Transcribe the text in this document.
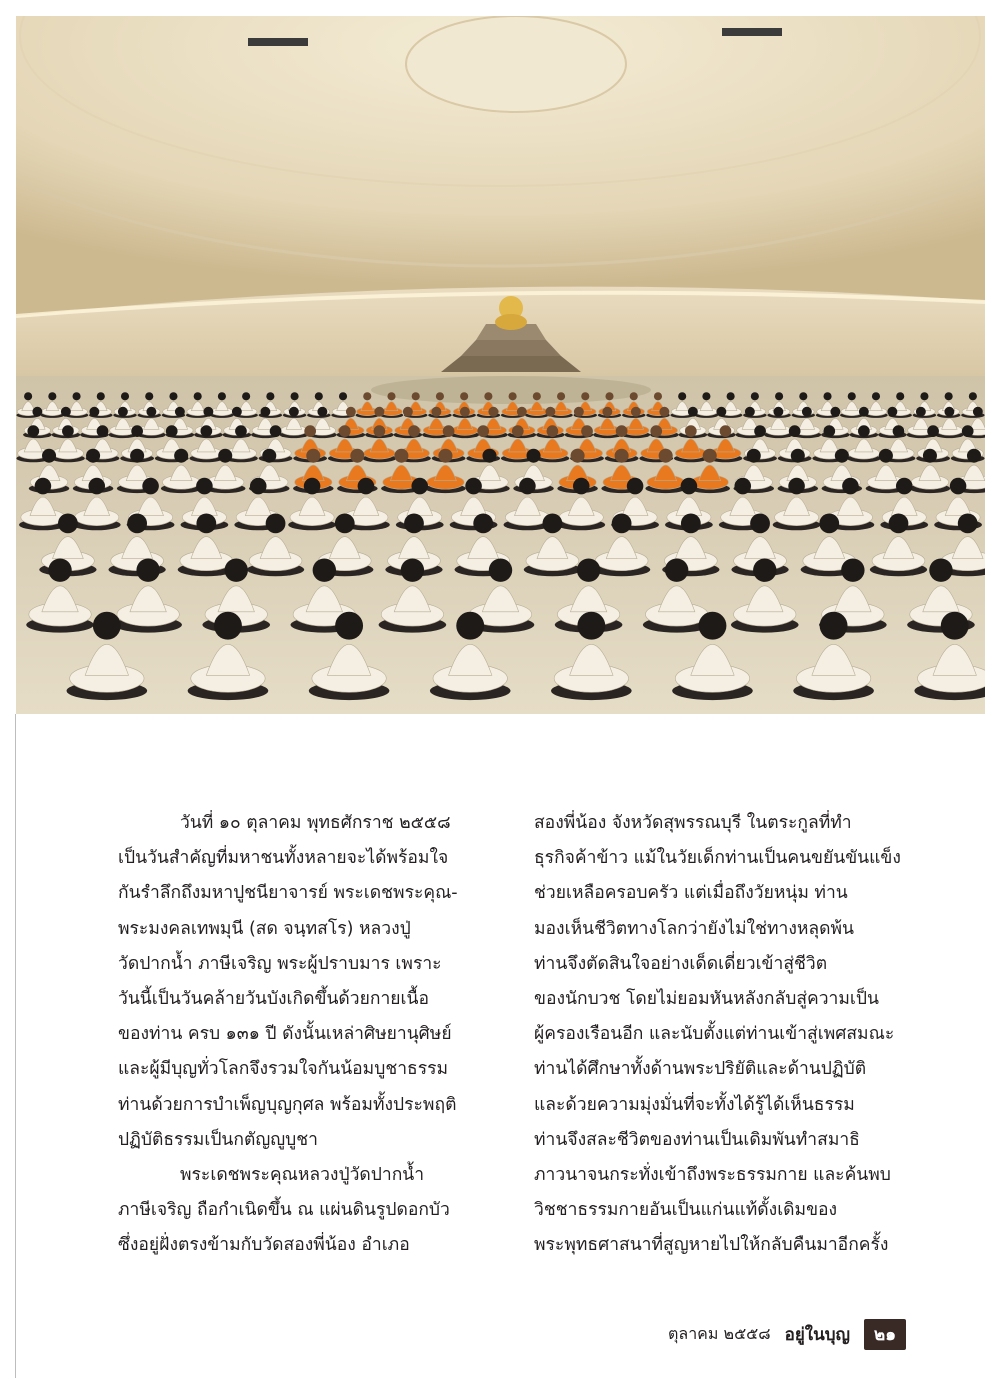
วันที่ ๑๐ ตุลาคม พุทธศักราช ๒๕๕๘
เป็นวันสำคัญที่มหาชนทั้งหลายจะได้พร้อมใจ
กันรำลึกถึงมหาปูชนียาจารย์ พระเดชพระคุณ-
พระมงคลเทพมุนี (สด จนฺทสโร) หลวงปู่
วัดปากน้ำ ภาษีเจริญ พระผู้ปราบมาร เพราะ
วันนี้เป็นวันคล้ายวันบังเกิดขึ้นด้วยกายเนื้อ
ของท่าน ครบ ๑๓๑ ปี ดังนั้นเหล่าศิษยานุศิษย์
และผู้มีบุญทั่วโลกจึงรวมใจกันน้อมบูชาธรรม
ท่านด้วยการบำเพ็ญบุญกุศล พร้อมทั้งประพฤติ
ปฏิบัติธรรมเป็นกตัญญูบูชา

พระเดชพระคุณหลวงปู่วัดปากน้ำ
ภาษีเจริญ ถือกำเนิดขึ้น ณ แผ่นดินรูปดอกบัว
ซึ่งอยู่ฝั่งตรงข้ามกับวัดสองพี่น้อง อำเภอ

สองพี่น้อง จังหวัดสุพรรณบุรี ในตระกูลที่ทำ
ธุรกิจค้าข้าว แม้ในวัยเด็กท่านเป็นคนขยันขันแข็ง
ช่วยเหลือครอบครัว แต่เมื่อถึงวัยหนุ่ม ท่าน
มองเห็นชีวิตทางโลกว่ายังไม่ใช่ทางหลุดพ้น
ท่านจึงตัดสินใจอย่างเด็ดเดี่ยวเข้าสู่ชีวิต
ของนักบวช โดยไม่ยอมหันหลังกลับสู่ความเป็น
ผู้ครองเรือนอีก และนับตั้งแต่ท่านเข้าสู่เพศสมณะ
ท่านได้ศึกษาทั้งด้านพระปริยัติและด้านปฏิบัติ
และด้วยความมุ่งมั่นที่จะทั้งได้รู้ได้เห็นธรรม
ท่านจึงสละชีวิตของท่านเป็นเดิมพันทำสมาธิ
ภาวนาจนกระทั่งเข้าถึงพระธรรมกาย และค้นพบ
วิชชาธรรมกายอันเป็นแก่นแท้ดั้งเดิมของ
พระพุทธศาสนาที่สูญหายไปให้กลับคืนมาอีกครั้ง

ตุลาคม ๒๕๕๘ อยู่ในบุญ	๒๑
